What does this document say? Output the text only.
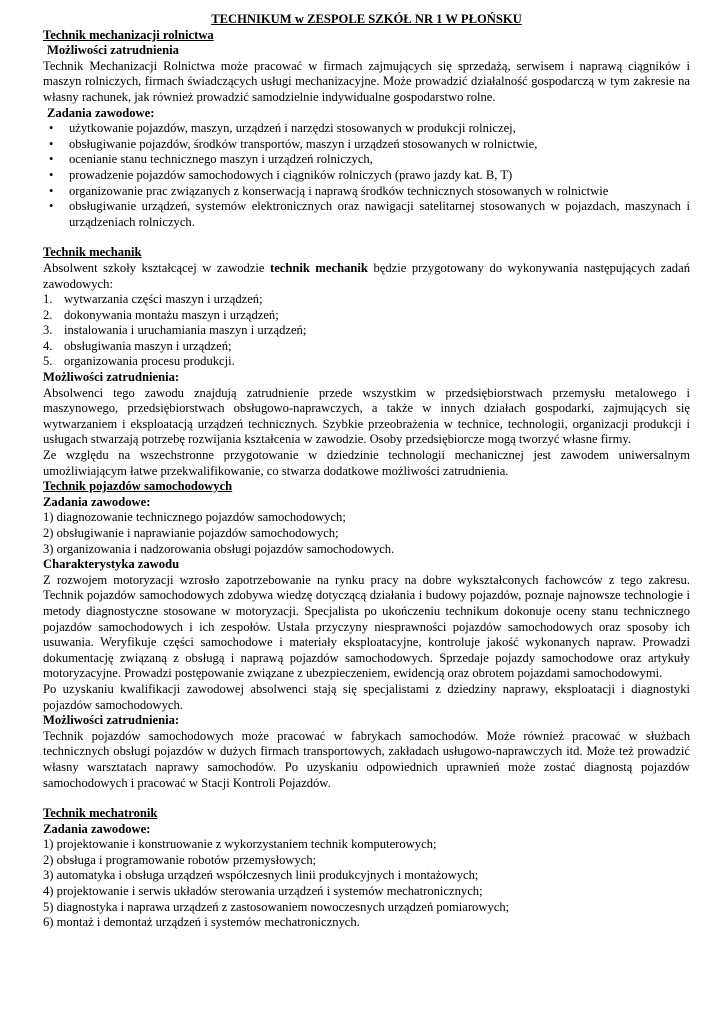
TECHNIKUM w ZESPOLE SZKÓŁ NR 1 W PŁOŃSKU
Technik mechanizacji rolnictwa
Możliwości zatrudnienia

Technik Mechanizacji Rolnictwa może pracować w firmach zajmujących się sprzedażą, serwisem i naprawą ciągników i maszyn rolniczych, firmach świadczących usługi mechanizacyjne. Może prowadzić działalność gospodarczą w tym zakresie na własny rachunek, jak również prowadzić samodzielnie indywidualne gospodarstwo rolne.

Zadania zawodowe:
• użytkowanie pojazdów, maszyn, urządzeń i narzędzi stosowanych w produkcji rolniczej,
• obsługiwanie pojazdów, środków transportów, maszyn i urządzeń stosowanych w rolnictwie,
• ocenianie stanu technicznego maszyn i urządzeń rolniczych,
• prowadzenie pojazdów samochodowych i ciągników rolniczych (prawo jazdy kat. B, T)
• organizowanie prac związanych z konserwacją i naprawą środków technicznych stosowanych w rolnictwie
• obsługiwanie urządzeń, systemów elektronicznych oraz nawigacji satelitarnej stosowanych w pojazdach, maszynach i urządzeniach rolniczych.
Technik mechanik

Absolwent szkoły kształcącej w zawodzie technik mechanik będzie przygotowany do wykonywania następujących zadań zawodowych:

1. wytwarzania części maszyn i urządzeń;
2. dokonywania montażu maszyn i urządzeń;
3. instalowania i uruchamiania maszyn i urządzeń;
4. obsługiwania maszyn i urządzeń;
5. organizowania procesu produkcji.
Możliwości zatrudnienia:

Absolwenci tego zawodu znajdują zatrudnienie przede wszystkim w przedsiębiorstwach przemysłu metalowego i maszynowego, przedsiębiorstwach obsługowo-naprawczych, a także w innych działach gospodarki, zajmujących się wytwarzaniem i eksploatacją urządzeń technicznych. Szybkie przeobrażenia w technice, technologii, organizacji produkcji i usługach stwarzają potrzebę rozwijania kształcenia w zawodzie. Osoby przedsiębiorcze mogą tworzyć własne firmy.

Ze względu na wszechstronne przygotowanie w dziedzinie technologii mechanicznej jest zawodem uniwersalnym umożliwiającym łatwe przekwalifikowanie, co stwarza dodatkowe możliwości zatrudnienia.

Technik pojazdów samochodowych
Zadania zawodowe:
1) diagnozowanie technicznego pojazdów samochodowych;
2) obsługiwanie i naprawianie pojazdów samochodowych;
3) organizowania i nadzorowania obsługi pojazdów samochodowych.
Charakterystyka zawodu

Z rozwojem motoryzacji wzrosło zapotrzebowanie na rynku pracy na dobre wykształconych fachowców z tego zakresu. Technik pojazdów samochodowych zdobywa wiedzę dotyczącą działania i budowy pojazdów, poznaje najnowsze technologie i metody diagnostyczne stosowane w motoryzacji. Specjalista po ukończeniu technikum dokonuje oceny stanu technicznego pojazdów samochodowych i ich zespołów. Ustala przyczyny niesprawności pojazdów samochodowych oraz sposoby ich usuwania. Weryfikuje części samochodowe i materiały eksploatacyjne, kontroluje jakość wykonanych napraw. Prowadzi dokumentację związaną z obsługą i naprawą pojazdów samochodowych. Sprzedaje pojazdy samochodowe oraz artykuły motoryzacyjne. Prowadzi postępowanie związane z ubezpieczeniem, ewidencją oraz obrotem pojazdami samochodowymi.

Po uzyskaniu kwalifikacji zawodowej absolwenci stają się specjalistami z dziedziny naprawy, eksploatacji i diagnostyki pojazdów samochodowych.

Możliwości zatrudnienia:

Technik pojazdów samochodowych może pracować w fabrykach samochodów. Może również pracować w służbach technicznych obsługi pojazdów w dużych firmach transportowych, zakładach usługowo-naprawczych itd. Może też prowadzić własny warsztatach naprawy samochodów. Po uzyskaniu odpowiednich uprawnień może zostać diagnostą pojazdów samochodowych i pracować w Stacji Kontroli Pojazdów.

Technik mechatronik
Zadania zawodowe:
1) projektowanie i konstruowanie z wykorzystaniem technik komputerowych;
2) obsługa i programowanie robotów przemysłowych;
3) automatyka i obsługa urządzeń współczesnych linii produkcyjnych i montażowych;
4) projektowanie i serwis układów sterowania urządzeń i systemów mechatronicznych;
5) diagnostyka i naprawa urządzeń z zastosowaniem nowoczesnych urządzeń pomiarowych;
6) montaż i demontaż urządzeń i systemów mechatronicznych.
